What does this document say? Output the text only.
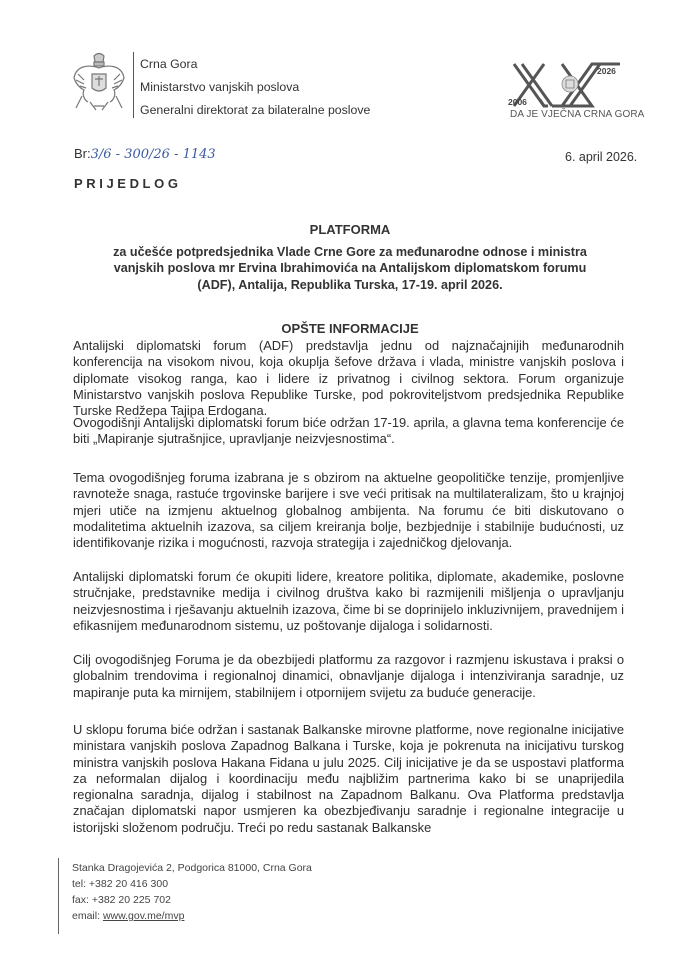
Crna Gora
Ministarstvo vanjskih poslova
Generalni direktorat za bilateralne poslove
2006
2026
DA JE VJEČNA CRNA GORA
Br:3/6 - 300/26 - 1143	6. april 2026.
PRIJEDLOG
PLATFORMA
za učešće potpredsjednika Vlade Crne Gore za međunarodne odnose i ministra
vanjskih poslova mr Ervina Ibrahimovića na Antalijskom diplomatskom forumu
(ADF), Antalija, Republika Turska, 17-19. april 2026.
OPŠTE INFORMACIJE

Antalijski diplomatski forum (ADF) predstavlja jednu od najznačajnijih međunarodnih konferencija na visokom nivou, koja okuplja šefove država i vlada, ministre vanjskih poslova i diplomate visokog ranga, kao i lidere iz privatnog i civilnog sektora. Forum organizuje Ministarstvo vanjskih poslova Republike Turske, pod pokroviteljstvom predsjednika Republike Turske Redžepa Tajipa Erdogana.

Ovogodišnji Antalijski diplomatski forum biće održan 17-19. aprila, a glavna tema konferencije će biti „Mapiranje sjutrašnjice, upravljanje neizvjesnostima“.

Tema ovogodišnjeg foruma izabrana je s obzirom na aktuelne geopolitičke tenzije, promjenljive ravnoteže snaga, rastuće trgovinske barijere i sve veći pritisak na multilateralizam, što u krajnjoj mjeri utiče na izmjenu aktuelnog globalnog ambijenta. Na forumu će biti diskutovano o modalitetima aktuelnih izazova, sa ciljem kreiranja bolje, bezbjednije i stabilnije budućnosti, uz identifikovanje rizika i mogućnosti, razvoja strategija i zajedničkog djelovanja.

Antalijski diplomatski forum će okupiti lidere, kreatore politika, diplomate, akademike, poslovne stručnjake, predstavnike medija i civilnog društva kako bi razmijenili mišljenja o upravljanju neizvjesnostima i rješavanju aktuelnih izazova, čime bi se doprinijelo inkluzivnijem, pravednijem i efikasnijem međunarodnom sistemu, uz poštovanje dijaloga i solidarnosti.

Cilj ovogodišnjeg Foruma je da obezbijedi platformu za razgovor i razmjenu iskustava i praksi o globalnim trendovima i regionalnoj dinamici, obnavljanje dijaloga i intenziviranja saradnje, uz mapiranje puta ka mirnijem, stabilnijem i otpornijem svijetu za buduće generacije.

U sklopu foruma biće održan i sastanak Balkanske mirovne platforme, nove regionalne inicijative ministara vanjskih poslova Zapadnog Balkana i Turske, koja je pokrenuta na inicijativu turskog ministra vanjskih poslova Hakana Fidana u julu 2025. Cilj inicijative je da se uspostavi platforma za neformalan dijalog i koordinaciju među najbližim partnerima kako bi se unaprijedila regionalna saradnja, dijalog i stabilnost na Zapadnom Balkanu. Ova Platforma predstavlja značajan diplomatski napor usmjeren ka obezbjeđivanju saradnje i regionalne integracije u istorijski složenom području. Treći po redu sastanak Balkanske

Stanka Dragojevića 2, Podgorica 81000, Crna Gora
tel: +382 20 416 300
fax: +382 20 225 702
email: www.gov.me/mvp
